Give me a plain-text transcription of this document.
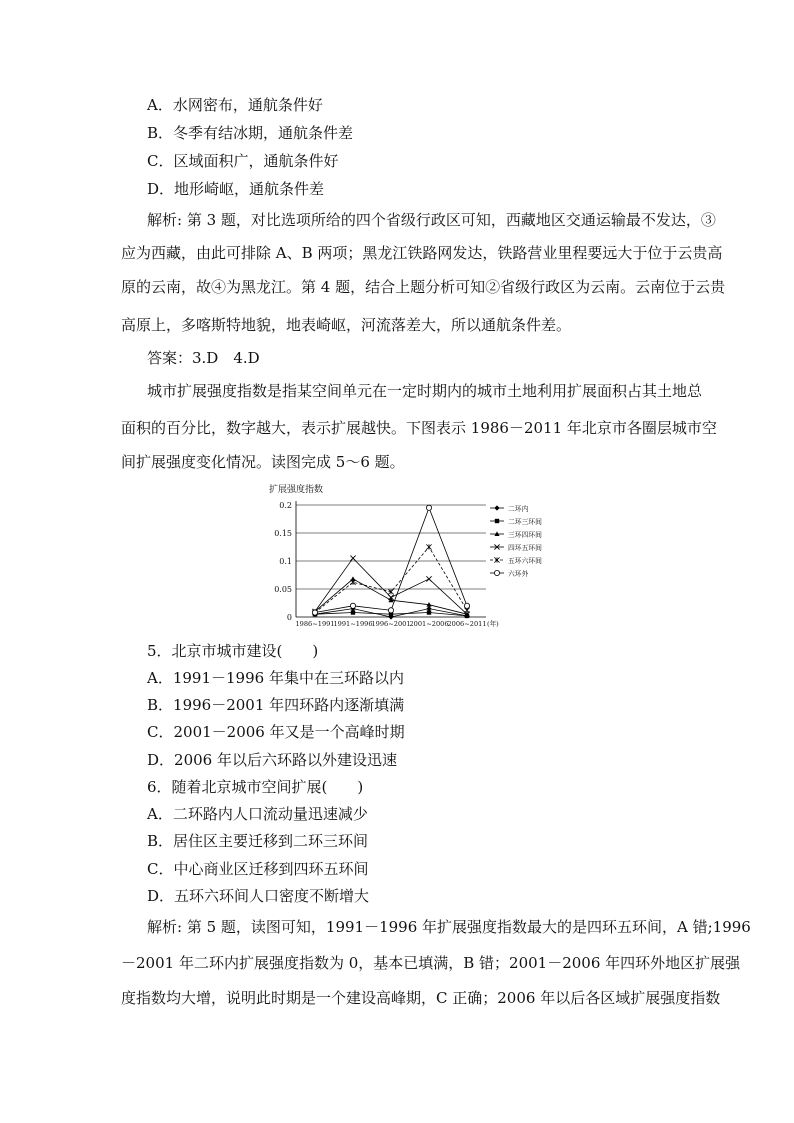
A．水网密布，通航条件好
B．冬季有结冰期，通航条件差
C．区域面积广，通航条件好
D．地形崎岖，通航条件差
解析: 第 3 题，对比选项所给的四个省级行政区可知，西藏地区交通运输最不发达，③
应为西藏，由此可排除 A、B 两项；黑龙江铁路网发达，铁路营业里程要远大于位于云贵高
原的云南，故④为黑龙江。第 4 题，结合上题分析可知②省级行政区为云南。云南位于云贵
高原上，多喀斯特地貌，地表崎岖，河流落差大，所以通航条件差。
答案：3.D　4.D
城市扩展强度指数是指某空间单元在一定时期内的城市土地利用扩展面积占其土地总
面积的百分比，数字越大，表示扩展越快。下图表示 1986－2011 年北京市各圈层城市空
间扩展强度变化情况。读图完成 5～6 题。
扩展强度指数
0
0.05
0.1
0.15
0.2
1986~1991
1991~1996
1996~2001
2001~2006
2006~2011 (年)
二环内
二环三环间
三环四环间
四环五环间
五环六环间
六环外
5．北京市城市建设(　　)
A．1991－1996 年集中在三环路以内
B．1996－2001 年四环路内逐渐填满
C．2001－2006 年又是一个高峰时期
D．2006 年以后六环路以外建设迅速
6．随着北京城市空间扩展(　　)
A．二环路内人口流动量迅速减少
B．居住区主要迁移到二环三环间
C．中心商业区迁移到四环五环间
D．五环六环间人口密度不断增大
解析: 第 5 题，读图可知，1991－1996 年扩展强度指数最大的是四环五环间，A 错;1996
－2001 年二环内扩展强度指数为 0，基本已填满，B 错；2001－2006 年四环外地区扩展强
度指数均大增，说明此时期是一个建设高峰期，C 正确；2006 年以后各区域扩展强度指数
